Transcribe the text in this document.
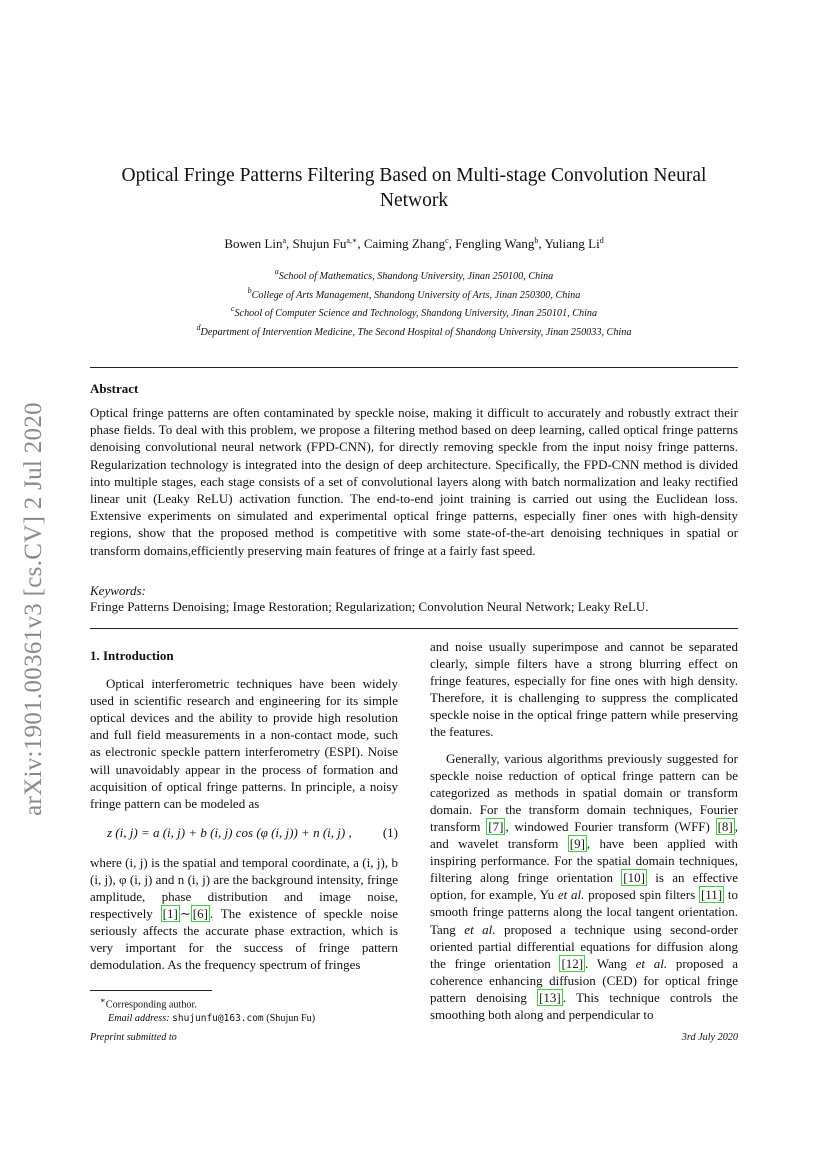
arXiv:1901.00361v3 [cs.CV] 2 Jul 2020
Optical Fringe Patterns Filtering Based on Multi-stage Convolution Neural Network
Bowen Lin$^a$, Shujun $Fu^{a,∗}$, Caiming Zhang$^c$, Fengling Wang$^b$, Yuliang Li$^d$
$^a$School of Mathematics, Shandong University, Jinan 250100, China
$^b$College of Arts Management, Shandong University of Arts, Jinan 250300, China
$^c$School of Computer Science and Technology, Shandong University, Jinan 250101, China
$^d$Department of Intervention Medicine, The Second Hospital of Shandong University, Jinan 250033, China
Abstract
Optical fringe patterns are often contaminated by speckle noise, making it difficult to accurately and robustly extract their phase fields. To deal with this problem, we propose a filtering method based on deep learning, called optical fringe patterns denoising convolutional neural network (FPD-CNN), for directly removing speckle from the input noisy fringe patterns. Regularization technology is integrated into the design of deep architecture. Specifically, the FPD-CNN method is divided into multiple stages, each stage consists of a set of convolutional layers along with batch normalization and leaky rectified linear unit (Leaky ReLU) activation function. The end-to-end joint training is carried out using the Euclidean loss. Extensive experiments on simulated and experimental optical fringe patterns, especially finer ones with high-density regions, show that the proposed method is competitive with some state-of-the-art denoising techniques in spatial or transform domains,efficiently preserving main features of fringe at a fairly fast speed.
Keywords:
Fringe Patterns Denoising; Image Restoration; Regularization; Convolution Neural Network; Leaky ReLU.
1. Introduction

Optical interferometric techniques have been widely used in scientific research and engineering for its simple optical devices and the ability to provide high resolution and full field measurements in a non-contact mode, such as electronic speckle pattern interferometry (ESPI). Noise will unavoidably appear in the process of formation and acquisition of optical fringe patterns. In principle, a noisy fringe pattern can be modeled as

z (i, j) = a (i, j) + b (i, j) cos (φ (i, j)) + n (i, j) , (1)

where (i, j) is the spatial and temporal coordinate, a (i, j), b (i, j), φ (i, j) and n (i, j) are the background intensity, fringe amplitude, phase distribution and image noise, respectively [1] ∼ [6] . The existence of speckle noise seriously affects the accurate phase extraction, which is very important for the success of fringe pattern demodulation. As the frequency spectrum of fringes

and noise usually superimpose and cannot be separated clearly, simple filters have a strong blurring effect on fringe features, especially for fine ones with high density. Therefore, it is challenging to suppress the complicated speckle noise in the optical fringe pattern while preserving the features.

Generally, various algorithms previously suggested for speckle noise reduction of optical fringe pattern can be categorized as methods in spatial domain or transform domain. For the transform domain techniques, Fourier transform [7] , windowed Fourier transform (WFF) [8] , and wavelet transform [9] , have been applied with inspiring performance. For the spatial domain techniques, filtering along fringe orientation [10] is an effective option, for example, Yu et al. proposed spin filters [11] to smooth fringe patterns along the local tangent orientation. Tang et al. proposed a technique using second-order oriented partial differential equations for diffusion along the fringe orientation [12] . Wang et al. proposed a coherence enhancing diffusion (CED) for optical fringe pattern denoising [13] . This technique controls the smoothing both along and perpendicular to

∗Corresponding author.
Email address: shujunfu@163.com (Shujun Fu)
Preprint submitted to	3rd July 2020
